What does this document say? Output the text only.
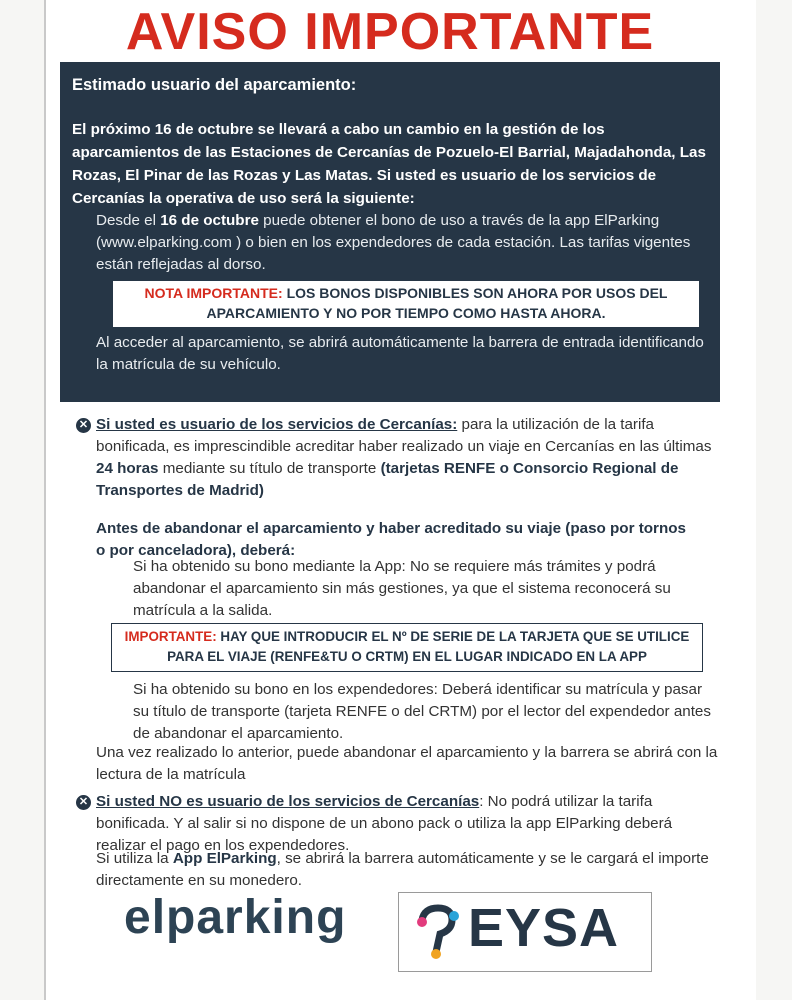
AVISO IMPORTANTE
Estimado usuario del aparcamiento:
El próximo 16 de octubre se llevará a cabo un cambio en la gestión de los aparcamientos de las Estaciones de Cercanías de Pozuelo-El Barrial, Majadahonda, Las Rozas, El Pinar de las Rozas y Las Matas. Si usted es usuario de los servicios de Cercanías la operativa de uso será la siguiente:
Desde el 16 de octubre puede obtener el bono de uso a través de la app ElParking (www.elparking.com ) o bien en los expendedores de cada estación. Las tarifas vigentes están reflejadas al dorso.
NOTA IMPORTANTE: LOS BONOS DISPONIBLES SON AHORA POR USOS DEL APARCAMIENTO Y NO POR TIEMPO COMO HASTA AHORA.
Al acceder al aparcamiento, se abrirá automáticamente la barrera de entrada identificando la matrícula de su vehículo.
✕ Si usted es usuario de los servicios de Cercanías: para la utilización de la tarifa bonificada, es imprescindible acreditar haber realizado un viaje en Cercanías en las últimas 24 horas mediante su título de transporte (tarjetas RENFE o Consorcio Regional de Transportes de Madrid)
Antes de abandonar el aparcamiento y haber acreditado su viaje (paso por tornos o por canceladora), deberá:
Si ha obtenido su bono mediante la App: No se requiere más trámites y podrá abandonar el aparcamiento sin más gestiones, ya que el sistema reconocerá su matrícula a la salida.
IMPORTANTE: HAY QUE INTRODUCIR EL Nº DE SERIE DE LA TARJETA QUE SE UTILICE PARA EL VIAJE (RENFE&TU O CRTM) EN EL LUGAR INDICADO EN LA APP
Si ha obtenido su bono en los expendedores: Deberá identificar su matrícula y pasar su título de transporte (tarjeta RENFE o del CRTM) por el lector del expendedor antes de abandonar el aparcamiento.
Una vez realizado lo anterior, puede abandonar el aparcamiento y la barrera se abrirá con la lectura de la matrícula
✕ Si usted NO es usuario de los servicios de Cercanías: No podrá utilizar la tarifa bonificada. Y al salir si no dispone de un abono pack o utiliza la app ElParking deberá realizar el pago en los expendedores.
Si utiliza la App ElParking, se abrirá la barrera automáticamente y se le cargará el importe directamente en su monedero.
elparking EYSA
